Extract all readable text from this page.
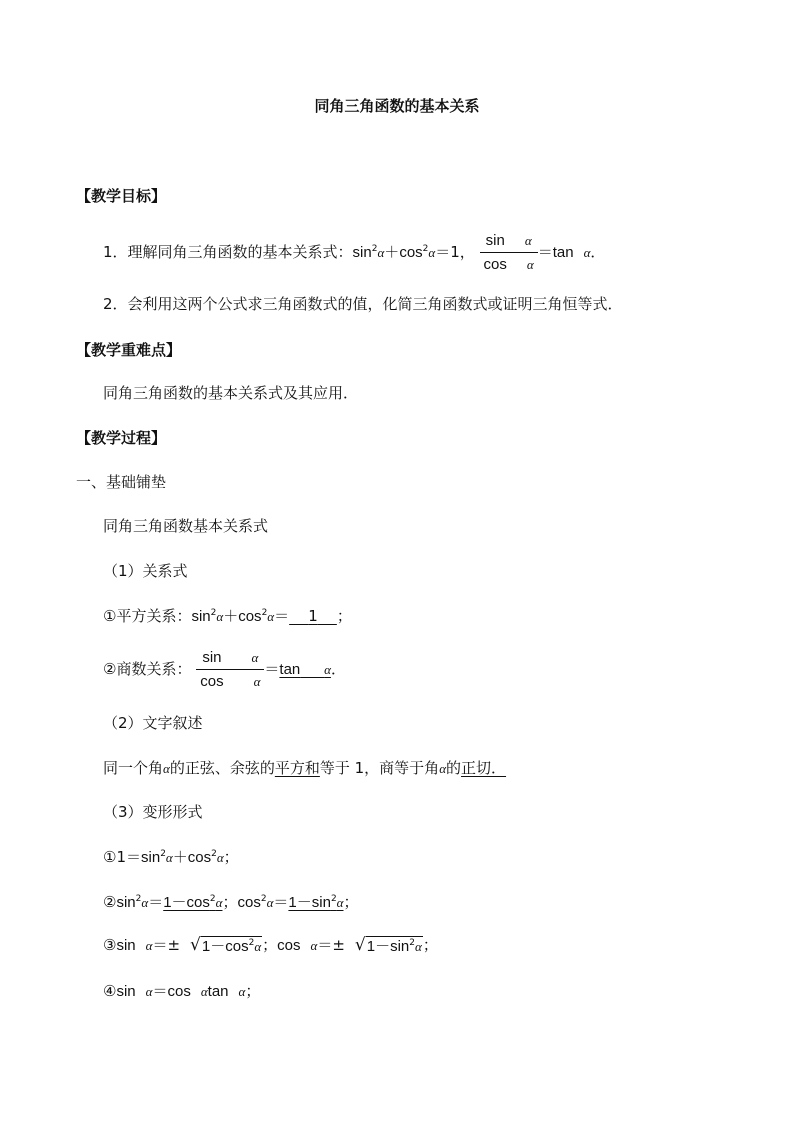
同角三角函数的基本关系
【教学目标】
1．理解同角三角函数的基本关系式：$\sin^2\alpha+\cos^2\alpha=1$， $\frac{\text{sin α}}{\text{cos α}} =\tan$ α．
2．会利用这两个公式求三角函数式的值，化简三角函数式或证明三角恒等式．
【教学重难点】
同角三角函数的基本关系式及其应用．
【教学过程】
一、基础铺垫
同角三角函数基本关系式
（1）关系式
①平方关系：$\sin^2\alpha+\cos^2\alpha= 1$ ；
②商数关系： $\frac{\text{sin α}}{\text{cos α}} =\tan$ α．
（2）文字叙述
同一个角α的正弦、余弦的平方和等于 1，商等于角α的正切．
（3）变形形式
$①1=\sin^2\alpha+\cos^2\alpha$；
$②\sin^2\alpha=1-\cos^2\alpha$；$\cos^2\alpha=1-\sin^2\alpha$；
③sin α＝± √ $1-\cos^2\alpha$ ；cos α＝± √ $1-\sin^2\alpha$ ；
④sin α＝cos αtan α；
